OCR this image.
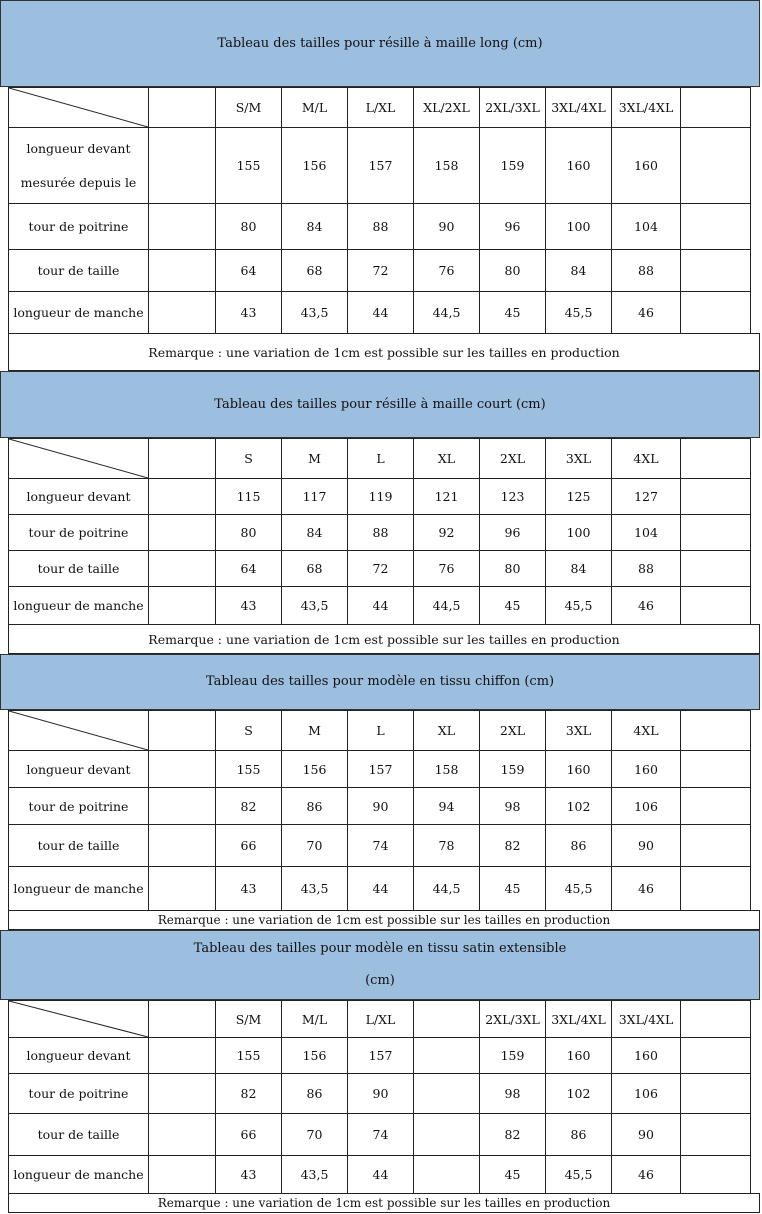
Tableau des tailles pour résille à maille long (cm)
		S/M	M/L	L/XL	XL/2XL	2XL/3XL	3XL/4XL	3XL/4XL	

longueur devant
mesurée depuis le		155	156	157	158	159	160	160	
tour de poitrine		80	84	88	90	96	100	104	
tour de taille		64	68	72	76	80	84	88	
longueur de manche		43	43,5	44	44,5	45	45,5	46	
Remarque : une variation de 1cm est possible sur les tailles en production
Tableau des tailles pour résille à maille court (cm)
		S	M	L	XL	2XL	3XL	4XL	
longueur devant		115	117	119	121	123	125	127	
tour de poitrine		80	84	88	92	96	100	104	
tour de taille		64	68	72	76	80	84	88	
longueur de manche		43	43,5	44	44,5	45	45,5	46	
Remarque : une variation de 1cm est possible sur les tailles en production
Tableau des tailles pour modèle en tissu chiffon (cm)
		S	M	L	XL	2XL	3XL	4XL	
longueur devant		155	156	157	158	159	160	160	
tour de poitrine		82	86	90	94	98	102	106	
tour de taille		66	70	74	78	82	86	90	
longueur de manche		43	43,5	44	44,5	45	45,5	46	
Remarque : une variation de 1cm est possible sur les tailles en production
Tableau des tailles pour modèle en tissu satin extensible
(cm)
		S/M	M/L	L/XL		2XL/3XL	3XL/4XL	3XL/4XL	
longueur devant		155	156	157		159	160	160	
tour de poitrine		82	86	90		98	102	106	
tour de taille		66	70	74		82	86	90	
longueur de manche		43	43,5	44		45	45,5	46	
Remarque : une variation de 1cm est possible sur les tailles en production
